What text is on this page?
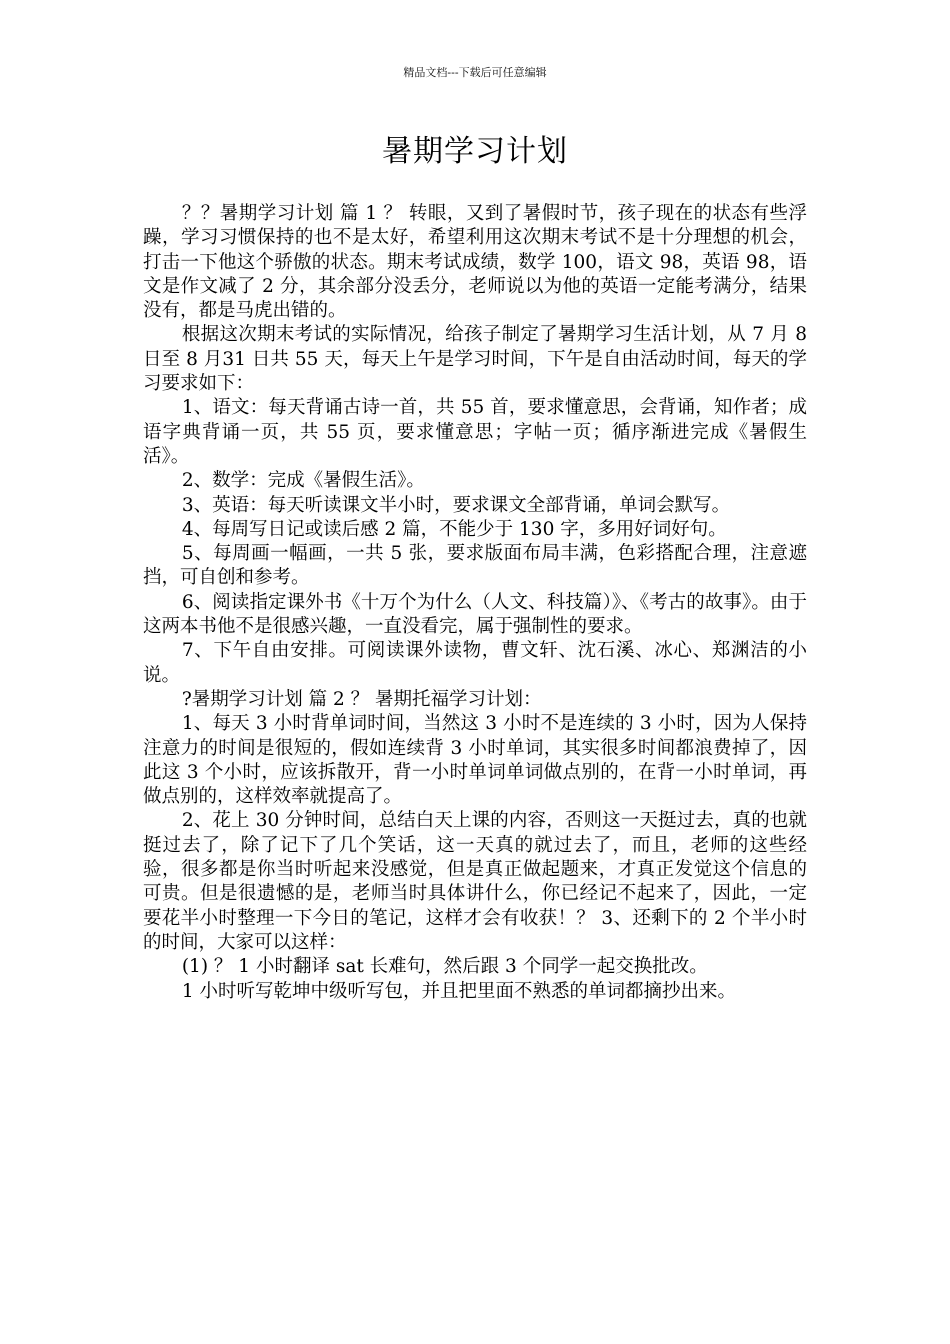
精品文档---下载后可任意编辑
暑期学习计划

？？暑期学习计划 篇 1 ？ 转眼，又到了暑假时节，孩子现在的状态有些浮躁，学习习惯保持的也不是太好，希望利用这次期末考试不是十分理想的机会，打击一下他这个骄傲的状态。期末考试成绩，数学 100，语文 98，英语 98，语文是作文减了 2 分，其余部分没丢分，老师说以为他的英语一定能考满分，结果没有，都是马虎出错的。

根据这次期末考试的实际情况，给孩子制定了暑期学习生活计划，从 7 月 8 日至 8 月31 日共 55 天，每天上午是学习时间，下午是自由活动时间，每天的学习要求如下：

1、语文：每天背诵古诗一首，共 55 首，要求懂意思，会背诵，知作者；成语字典背诵一页，共 55 页，要求懂意思；字帖一页；循序渐进完成《暑假生活》。

2、数学：完成《暑假生活》。

3、英语：每天听读课文半小时，要求课文全部背诵，单词会默写。

4、每周写日记或读后感 2 篇，不能少于 130 字，多用好词好句。

5、每周画一幅画，一共 5 张，要求版面布局丰满，色彩搭配合理，注意遮挡，可自创和参考。

6、阅读指定课外书《十万个为什么（人文、科技篇）》、《考古的故事》。由于这两本书他不是很感兴趣，一直没看完，属于强制性的要求。

7、下午自由安排。可阅读课外读物，曹文轩、沈石溪、冰心、郑渊洁的小说。

?暑期学习计划 篇 2 ？ 暑期托福学习计划：

1、每天 3 小时背单词时间，当然这 3 小时不是连续的 3 小时，因为人保持注意力的时间是很短的，假如连续背 3 小时单词，其实很多时间都浪费掉了，因此这 3 个小时，应该拆散开，背一小时单词单词做点别的，在背一小时单词，再做点别的，这样效率就提高了。

2、花上 30 分钟时间，总结白天上课的内容，否则这一天挺过去，真的也就挺过去了，除了记下了几个笑话，这一天真的就过去了，而且，老师的这些经验，很多都是你当时听起来没感觉，但是真正做起题来，才真正发觉这个信息的可贵。但是很遗憾的是，老师当时具体讲什么，你已经记不起来了，因此，一定要花半小时整理一下今日的笔记，这样才会有收获！？ 3、还剩下的 2 个半小时的时间，大家可以这样：

(1) ？ 1 小时翻译 sat 长难句，然后跟 3 个同学一起交换批改。

1 小时听写乾坤中级听写包，并且把里面不熟悉的单词都摘抄出来。
